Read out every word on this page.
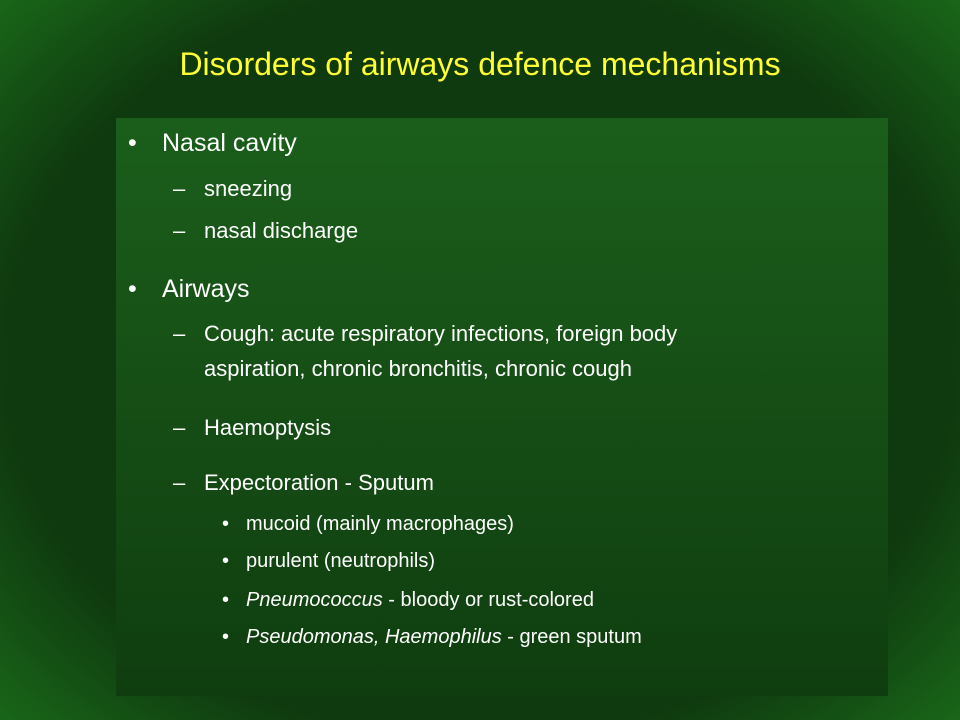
Disorders of airways defence mechanisms
• Nasal cavity
– sneezing
– nasal discharge
• Airways
– Cough: acute respiratory infections, foreign body
aspiration, chronic bronchitis, chronic cough
– Haemoptysis
– Expectoration - Sputum
• mucoid (mainly macrophages)
• purulent (neutrophils)
• Pneumococcus - bloody or rust-colored
• Pseudomonas, Haemophilus - green sputum
